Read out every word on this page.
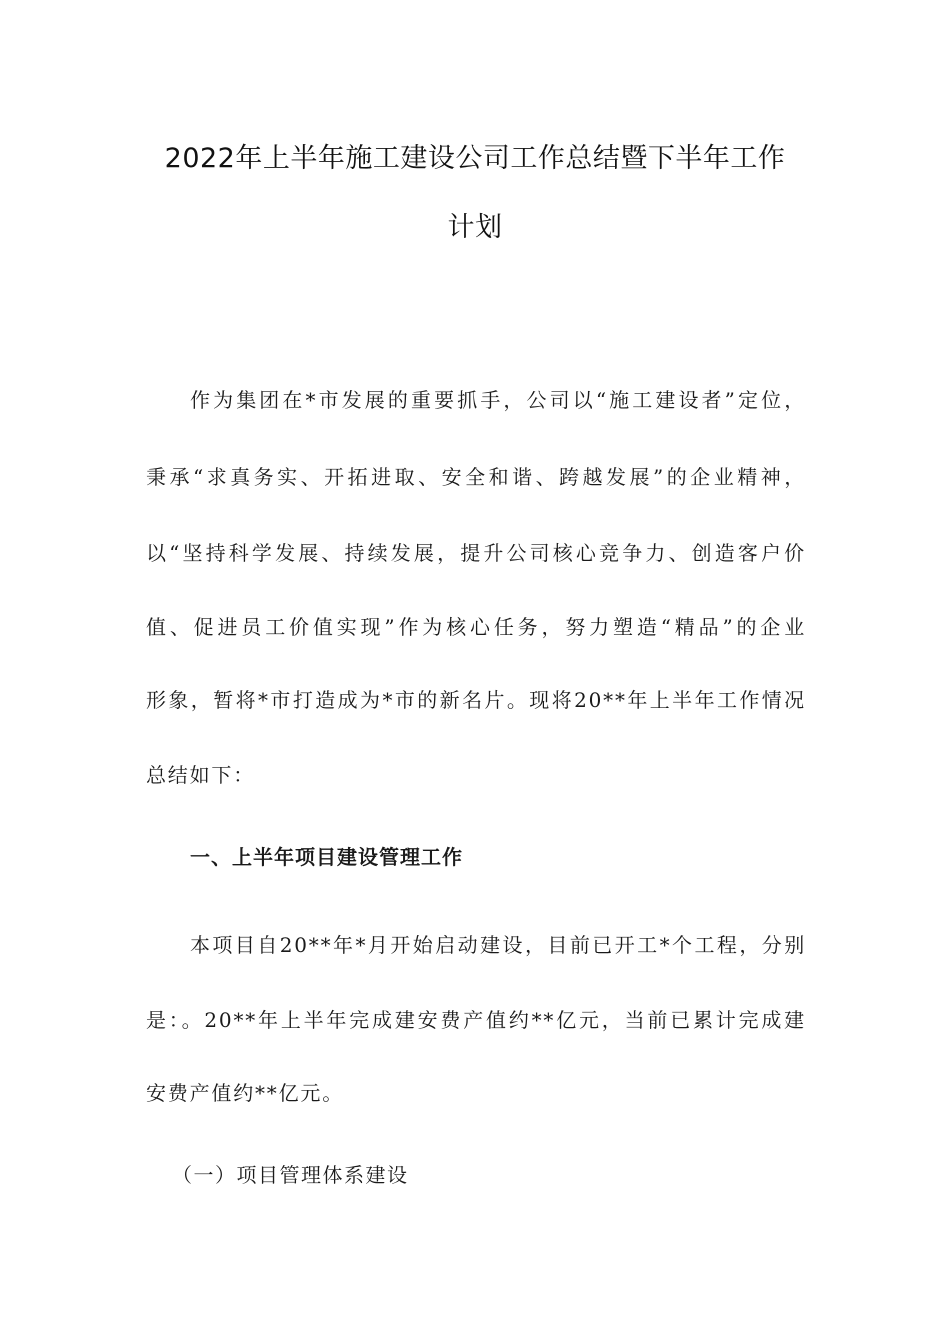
2022年上半年施工建设公司工作总结暨下半年工作
计划
作为集团在*市发展的重要抓手，公司以“施工建设者”定位，
秉承“求真务实、开拓进取、安全和谐、跨越发展”的企业精神，
以“坚持科学发展、持续发展，提升公司核心竞争力、创造客户价
值、促进员工价值实现”作为核心任务，努力塑造“精品”的企业
形象，暂将*市打造成为*市的新名片。现将20**年上半年工作情况
总结如下：
一、上半年项目建设管理工作
本项目自20**年*月开始启动建设，目前已开工*个工程，分别
是：。20**年上半年完成建安费产值约**亿元，当前已累计完成建
安费产值约**亿元。
（一）项目管理体系建设
